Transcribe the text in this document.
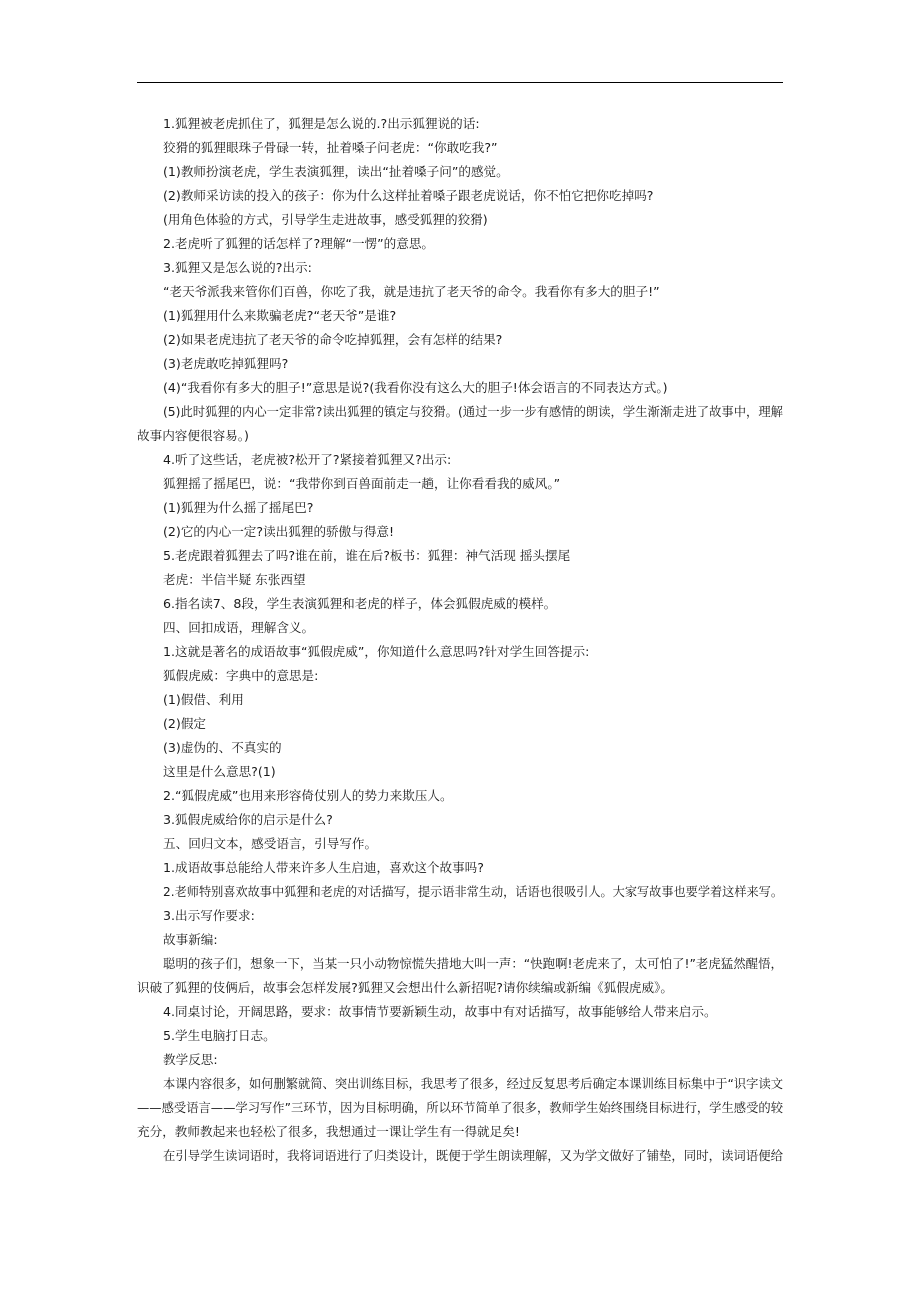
1.狐狸被老虎抓住了，狐狸是怎么说的.?出示狐狸说的话:
狡猾的狐狸眼珠子骨碌一转，扯着嗓子问老虎：“你敢吃我?”
(1)教师扮演老虎，学生表演狐狸，读出“扯着嗓子问”的感觉。
(2)教师采访读的投入的孩子：你为什么这样扯着嗓子跟老虎说话，你不怕它把你吃掉吗?
(用角色体验的方式，引导学生走进故事，感受狐狸的狡猾)
2.老虎听了狐狸的话怎样了?理解“一愣”的意思。
3.狐狸又是怎么说的?出示:
“老天爷派我来管你们百兽，你吃了我，就是违抗了老天爷的命令。我看你有多大的胆子!”
(1)狐狸用什么来欺骗老虎?“老天爷”是谁?
(2)如果老虎违抗了老天爷的命令吃掉狐狸，会有怎样的结果?
(3)老虎敢吃掉狐狸吗?
(4)“我看你有多大的胆子!”意思是说?(我看你没有这么大的胆子!体会语言的不同表达方式。)
(5)此时狐狸的内心一定非常?读出狐狸的镇定与狡猾。(通过一步一步有感情的朗读，学生渐渐走进了故事中，理解
故事内容便很容易。)
4.听了这些话，老虎被?松开了?紧接着狐狸又?出示:
狐狸摇了摇尾巴，说：“我带你到百兽面前走一趟，让你看看我的威风。”
(1)狐狸为什么摇了摇尾巴?
(2)它的内心一定?读出狐狸的骄傲与得意!
5.老虎跟着狐狸去了吗?谁在前，谁在后?板书：狐狸：神气活现 摇头摆尾
老虎：半信半疑 东张西望
6.指名读7、8段，学生表演狐狸和老虎的样子，体会狐假虎威的模样。
四、回扣成语，理解含义。
1.这就是著名的成语故事“狐假虎威”，你知道什么意思吗?针对学生回答提示:
狐假虎威：字典中的意思是:
(1)假借、利用
(2)假定
(3)虚伪的、不真实的
这里是什么意思?(1)
2.“狐假虎威”也用来形容倚仗别人的势力来欺压人。
3.狐假虎威给你的启示是什么?
五、回归文本，感受语言，引导写作。
1.成语故事总能给人带来许多人生启迪，喜欢这个故事吗?
2.老师特别喜欢故事中狐狸和老虎的对话描写，提示语非常生动，话语也很吸引人。大家写故事也要学着这样来写。
3.出示写作要求:
故事新编:
聪明的孩子们，想象一下，当某一只小动物惊慌失措地大叫一声：“快跑啊!老虎来了，太可怕了!”老虎猛然醒悟，
识破了狐狸的伎俩后，故事会怎样发展?狐狸又会想出什么新招呢?请你续编或新编《狐假虎威》。
4.同桌讨论，开阔思路，要求：故事情节要新颖生动，故事中有对话描写，故事能够给人带来启示。
5.学生电脑打日志。
教学反思:
本课内容很多，如何删繁就简、突出训练目标，我思考了很多，经过反复思考后确定本课训练目标集中于“识字读文
——感受语言——学习写作”三环节，因为目标明确，所以环节简单了很多，教师学生始终围绕目标进行，学生感受的较
充分，教师教起来也轻松了很多，我想通过一课让学生有一得就足矣!
在引导学生读词语时，我将词语进行了归类设计，既便于学生朗读理解，又为学文做好了铺垫，同时，读词语便给
